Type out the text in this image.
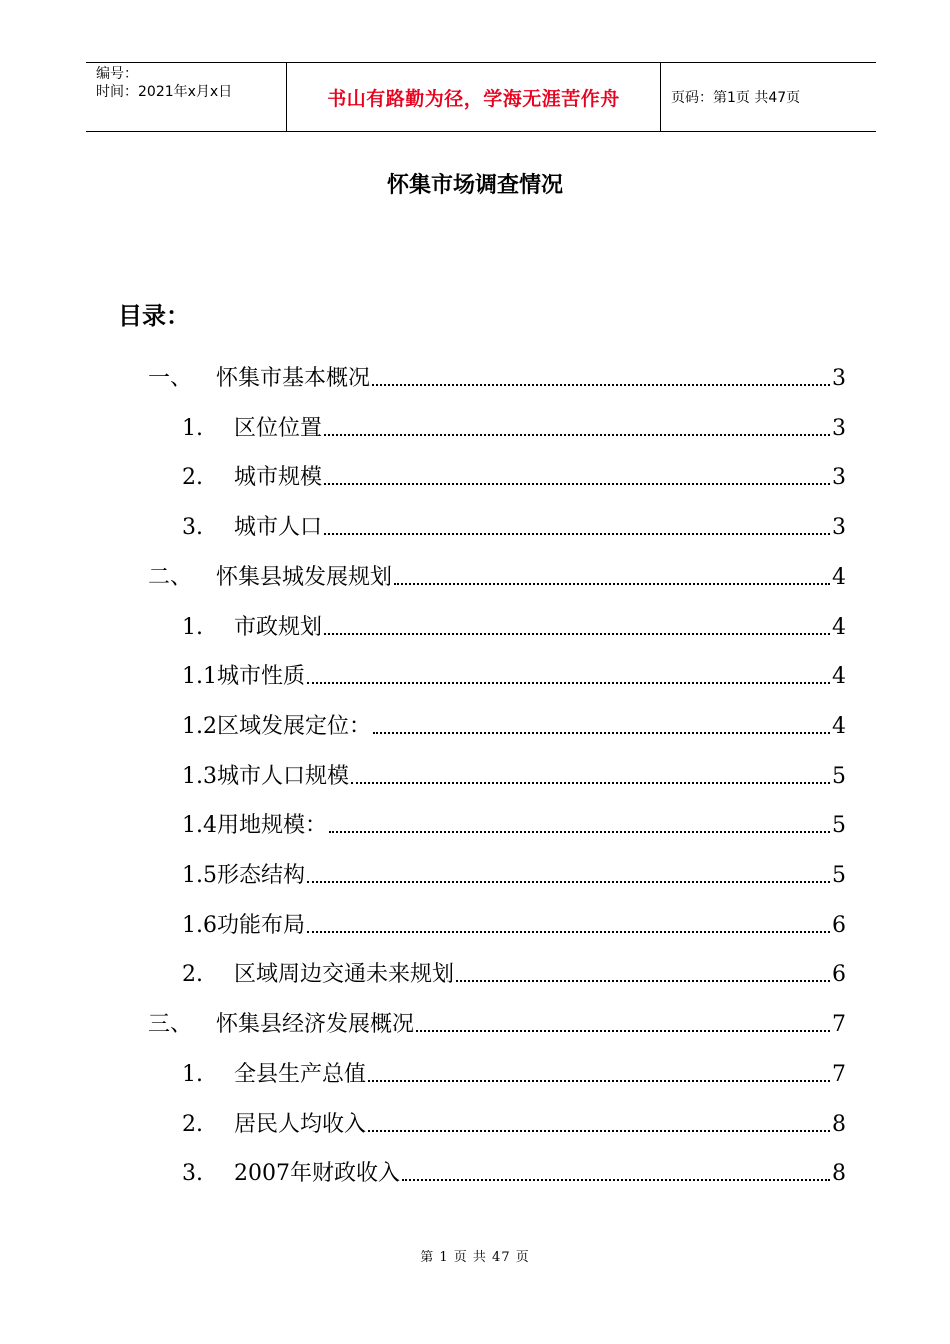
编号：
时间：2021年x月x日	书山有路勤为径，学海无涯苦作舟	页码：第1页 共47页
怀集市场调查情况
目录：
一、	怀集市基本概况	3
1.	区位位置	3
2.	城市规模	3
3.	城市人口	3
二、	怀集县城发展规划	4
1.	市政规划	4
1.1城市性质	4
1.2区域发展定位：	4
1.3城市人口规模	5
1.4用地规模：	5
1.5形态结构	5
1.6功能布局	6
2.	区域周边交通未来规划	6
三、	怀集县经济发展概况	7
1.	全县生产总值	7
2.	居民人均收入	8
3.	2007年财政收入	8
第 1 页 共 47 页
